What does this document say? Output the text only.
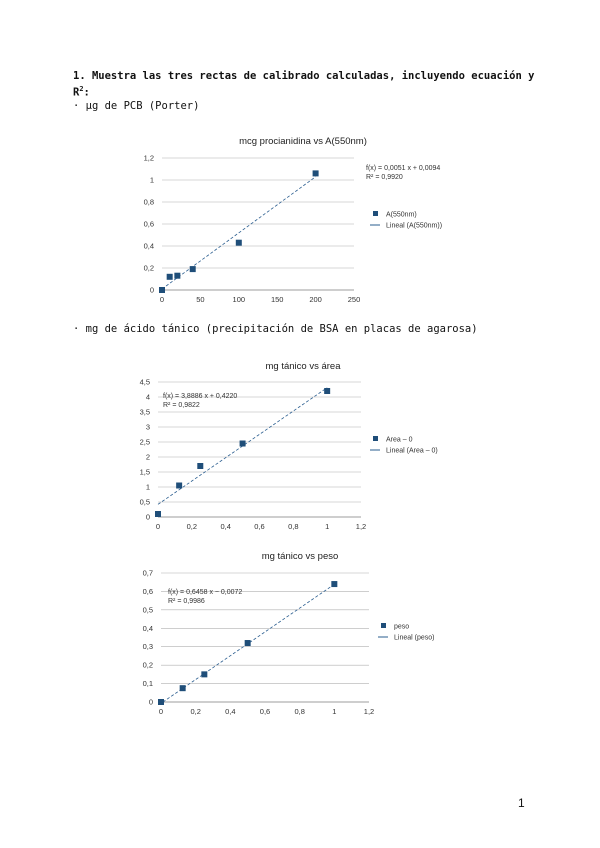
1. Muestra las tres rectas de calibrado calculadas, incluyendo ecuación y $R^2$:
· µg de PCB (Porter)
mcg procianidina vs A(550nm)
0
0,2
0,4
0,6
0,8
1
1,2
0	50	100	150	200	250
f(x) = 0,0051 x + 0,0094
R² = 0,9920
A(550nm)
Lineal (A(550nm))
· mg de ácido tánico (precipitación de BSA en placas de agarosa)
mg tánico vs área
0
0,5
1
1,5
2
2,5
3
3,5
4
4,5
0	0,2	0,4	0,6	0,8	1	1,2
f(x) = 3,8886 x + 0,4220
R² = 0,9822
Area – 0
Lineal (Area – 0)
mg tánico vs peso
0
0,1
0,2
0,3
0,4
0,5
0,6
0,7
0	0,2	0,4	0,6	0,8	1	1,2
f(x) = 0,6458 x − 0,0072
R² = 0,9986
peso
Lineal (peso)
1
